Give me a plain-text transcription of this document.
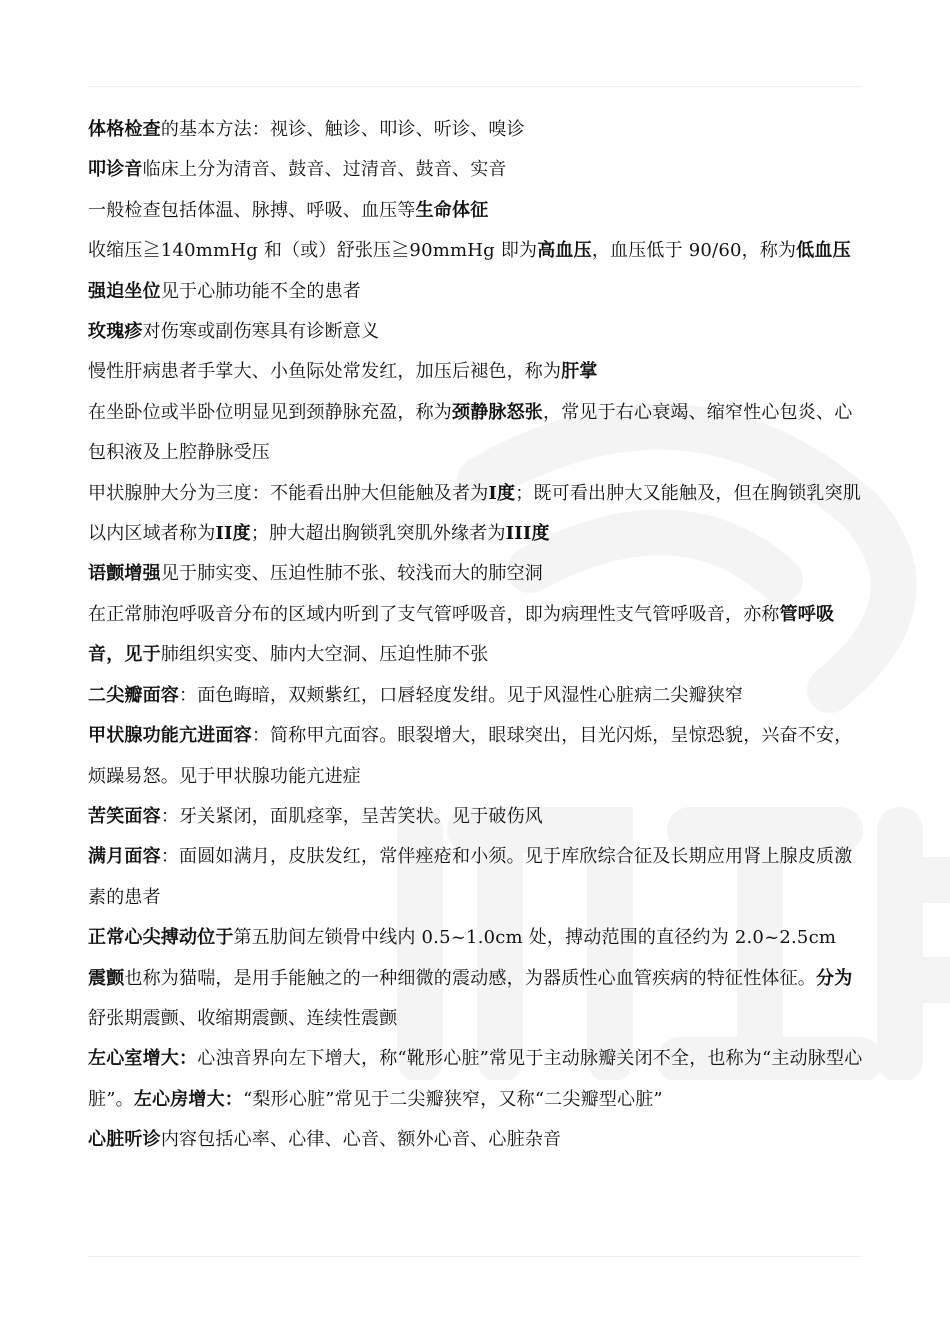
体格检查的基本方法：视诊、触诊、叩诊、听诊、嗅诊

叩诊音临床上分为清音、鼓音、过清音、鼓音、实音

一般检查包括体温、脉搏、呼吸、血压等生命体征

收缩压≧140mmHg 和（或）舒张压≧90mmHg 即为高血压，血压低于 90/60，称为低血压

强迫坐位见于心肺功能不全的患者

玫瑰疹对伤寒或副伤寒具有诊断意义

慢性肝病患者手掌大、小鱼际处常发红，加压后褪色，称为肝掌

在坐卧位或半卧位明显见到颈静脉充盈，称为颈静脉怒张，常见于右心衰竭、缩窄性心包炎、心包积液及上腔静脉受压

甲状腺肿大分为三度：不能看出肿大但能触及者为I度；既可看出肿大又能触及，但在胸锁乳突肌以内区域者称为II度；肿大超出胸锁乳突肌外缘者为III度

语颤增强见于肺实变、压迫性肺不张、较浅而大的肺空洞

在正常肺泡呼吸音分布的区域内听到了支气管呼吸音，即为病理性支气管呼吸音，亦称管呼吸音，见于肺组织实变、肺内大空洞、压迫性肺不张

二尖瓣面容：面色晦暗，双颊紫红，口唇轻度发绀。见于风湿性心脏病二尖瓣狭窄

甲状腺功能亢进面容：简称甲亢面容。眼裂增大，眼球突出，目光闪烁，呈惊恐貌，兴奋不安，烦躁易怒。见于甲状腺功能亢进症

苦笑面容：牙关紧闭，面肌痉挛，呈苦笑状。见于破伤风

满月面容：面圆如满月，皮肤发红，常伴痤疮和小须。见于库欣综合征及长期应用肾上腺皮质激素的患者

正常心尖搏动位于第五肋间左锁骨中线内 0.5~1.0cm 处，搏动范围的直径约为 2.0~2.5cm

震颤也称为猫喘，是用手能触之的一种细微的震动感，为器质性心血管疾病的特征性体征。分为舒张期震颤、收缩期震颤、连续性震颤

左心室增大：心浊音界向左下增大，称“靴形心脏”常见于主动脉瓣关闭不全，也称为“主动脉型心脏”。左心房增大：“梨形心脏”常见于二尖瓣狭窄，又称“二尖瓣型心脏”

心脏听诊内容包括心率、心律、心音、额外心音、心脏杂音
